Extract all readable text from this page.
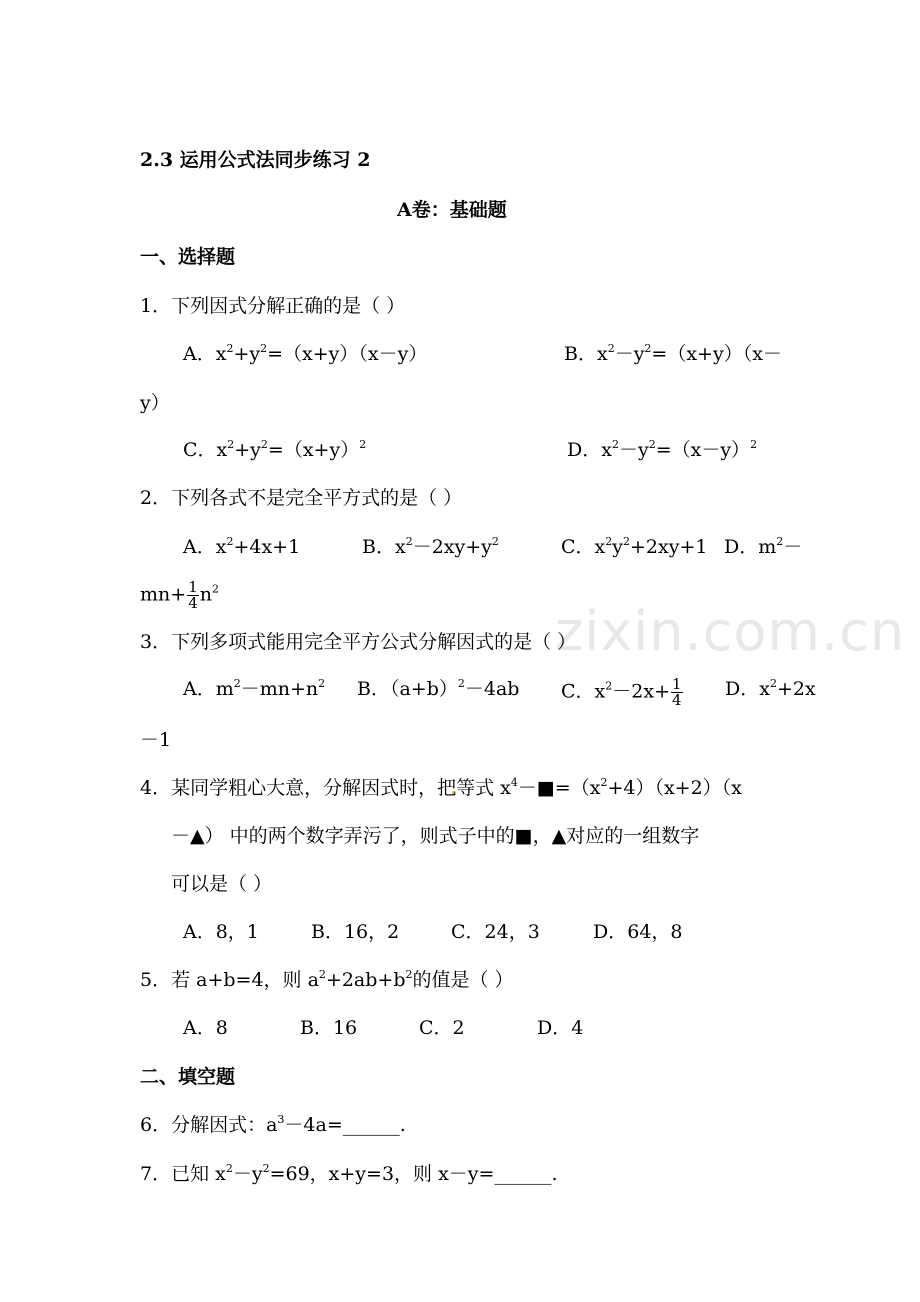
zixin.com.cn
2.3 运用公式法同步练习 2
A卷：基础题
一、选择题
1．下列因式分解正确的是（ ）
A．$x^2+y^2=(x+y)(x-y)$	B．$x^2-y^2=(x+y)(x-$
y）
C．$x^2+y^2=(x+y)^2$	D．$x^2-y^2=(x-y)^2$
2．下列各式不是完全平方式的是（ ）
A．$x^2+4x+1$	B．$x^2-2xy+y^2$	C．$x^2y^2+2xy+1$ D．$m^2-$
$mn+ \frac{1}{4} n^2$
3．下列多项式能用完全平方公式分解因式的是（ ）
A．$m^2-mn+n^2$ B．$(a+b)^2-4ab$ C．$x^2-2x+ \frac{1}{4}$ D．$x^2+2x$
－1
4．某同学粗心大意，分解因式时，把等式 $x^4-■=(x^2+4)(x+2)(x$
－▲） 中的两个数字弄污了，则式子中的■，▲对应的一组数字
可以是（ ）
A．8，1	B．16，2	C．24，3	D．64，8
5．若 a+b=4，则 $a^2+2ab+b^2$的值是（ ）
A．8	B．16	C．2	D．4
二、填空题
6．分解因式：$a^3-4a=\_\_\_\_\_\_$.
7．已知 $x^2-y^2=69$，x+y=3，则 x－y=______.
